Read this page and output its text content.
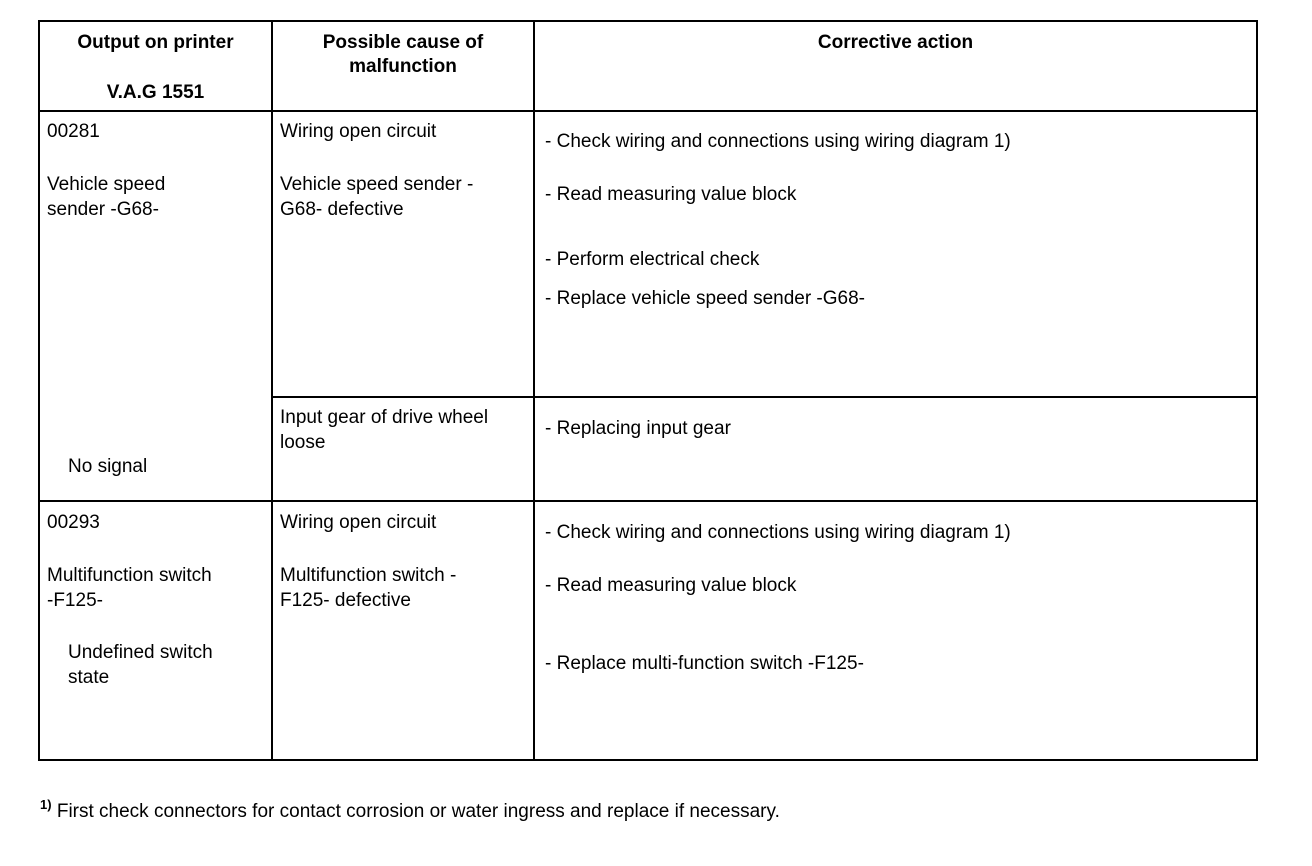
Output on printer
V.A.G 1551
Possible cause of
malfunction
Corrective action
00281
Vehicle speed
sender -G68-
No signal
Wiring open circuit
Vehicle speed sender -
G68- defective
- Check wiring and connections using wiring diagram 1)
- Read measuring value block
- Perform electrical check
- Replace vehicle speed sender -G68-
Input gear of drive wheel
loose
- Replacing input gear
00293
Multifunction switch
-F125-
Undefined switch
state
Wiring open circuit
Multifunction switch -
F125- defective
- Check wiring and connections using wiring diagram 1)
- Read measuring value block
- Replace multi-function switch -F125-
$^{1)}$ First check connectors for contact corrosion or water ingress and replace if necessary.
